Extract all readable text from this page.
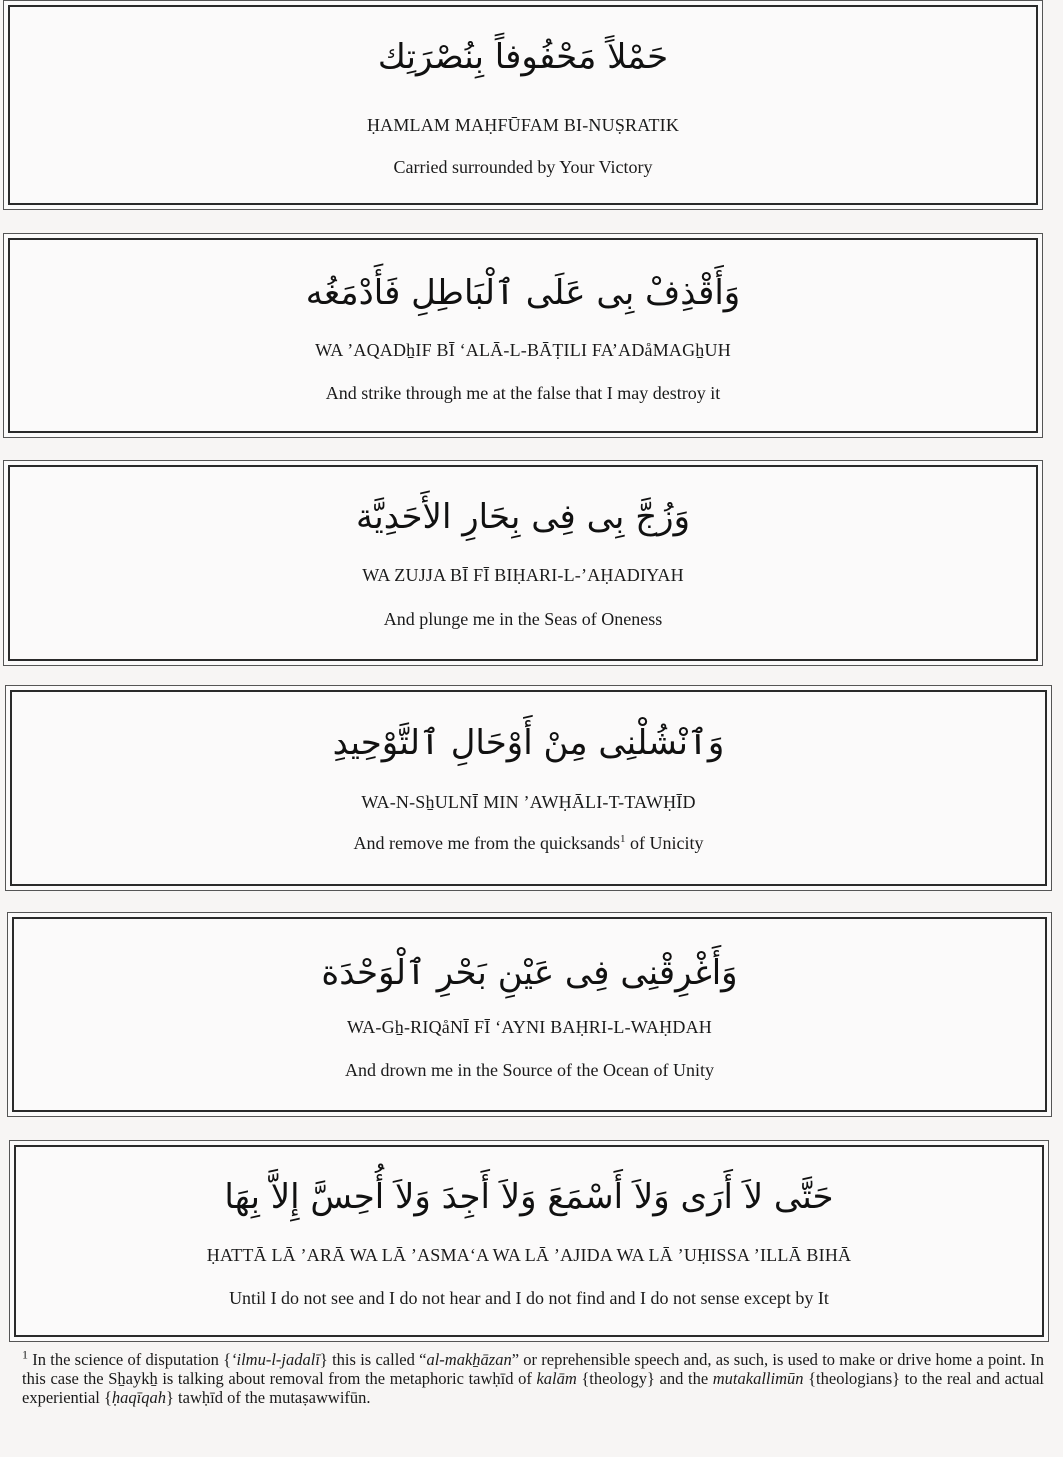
حَمْلاً مَحْفُوفاً بِنُصْرَتِك
ḤAMLAM MAḤFŪFAM BI-NUṢRATIK
Carried surrounded by Your Victory
وَأَقْذِفْ بِى عَلَى ٱلْبَاطِلِ فَأَدْمَغُه
WA ’AQADẖIF BĪ ‘ALĀ-L-BĀṬILI FA’ADåMAGẖUH
And strike through me at the false that I may destroy it
وَزُجَّ بِى فِى بِحَارِ الأَحَدِيَّة
WA ZUJJA BĪ FĪ BIḤARI-L-’AḤADIYAH
And plunge me in the Seas of Oneness
وَٱنْشُلْنِى مِنْ أَوْحَالِ ٱلتَّوْحِيدِ
WA-N-SẖULNĪ MIN ’AWḤĀLI-T-TAWḤĪD
And remove me from the quicksands$^1$ of Unicity
وَأَغْرِقْنِى فِى عَيْنِ بَحْرِ ٱلْوَحْدَة
WA-Gẖ-RIQåNĪ FĪ ‘AYNI BAḤRI-L-WAḤDAH
And drown me in the Source of the Ocean of Unity
حَتَّى لاَ أَرَى وَلاَ أَسْمَعَ وَلاَ أَجِدَ وَلاَ أُحِسَّ إِلاَّ بِهَا
ḤATTĀ LĀ ’ARĀ WA LĀ ’ASMA‘A WA LĀ ’AJIDA WA LĀ ’UḤISSA ’ILLĀ BIHĀ
Until I do not see and I do not hear and I do not find and I do not sense except by It
$^1$ In the science of disputation {‘ilmu-l-jadalī} this is called “al-makẖāzan” or reprehensible speech and, as such, is used to make or drive home a point. In this case the Sẖaykẖ is talking about removal from the metaphoric tawḥīd of kalām {theology} and the mutakallimūn {theologians} to the real and actual experiential {ḥaqīqah} tawḥīd of the mutaṣawwifūn.
